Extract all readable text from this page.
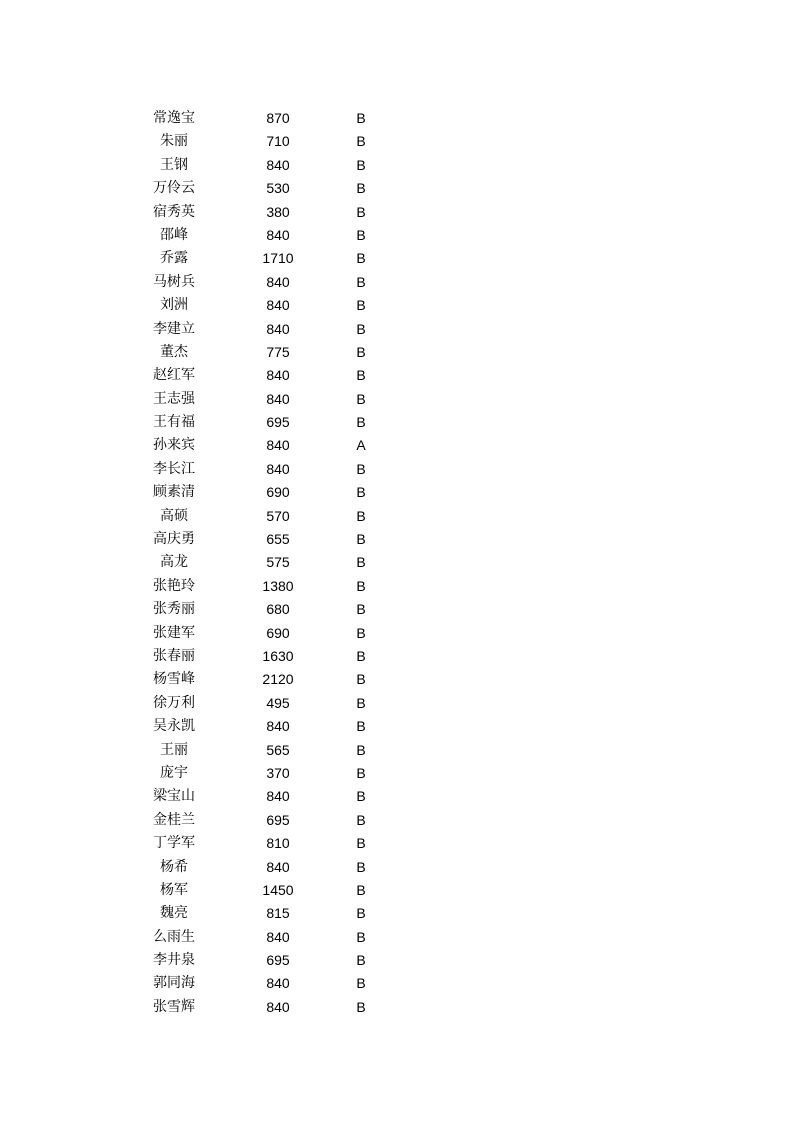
常逸宝	870	B
朱丽	710	B
王钢	840	B
万伶云	530	B
宿秀英	380	B
邵峰	840	B
乔露	1710	B
马树兵	840	B
刘洲	840	B
李建立	840	B
董杰	775	B
赵红军	840	B
王志强	840	B
王有福	695	B
孙来宾	840	A
李长江	840	B
顾素清	690	B
高硕	570	B
高庆勇	655	B
高龙	575	B
张艳玲	1380	B
张秀丽	680	B
张建军	690	B
张春丽	1630	B
杨雪峰	2120	B
徐万利	495	B
吴永凯	840	B
王丽	565	B
庞宇	370	B
梁宝山	840	B
金桂兰	695	B
丁学军	810	B
杨希	840	B
杨军	1450	B
魏亮	815	B
么雨生	840	B
李井泉	695	B
郭同海	840	B
张雪辉	840	B
